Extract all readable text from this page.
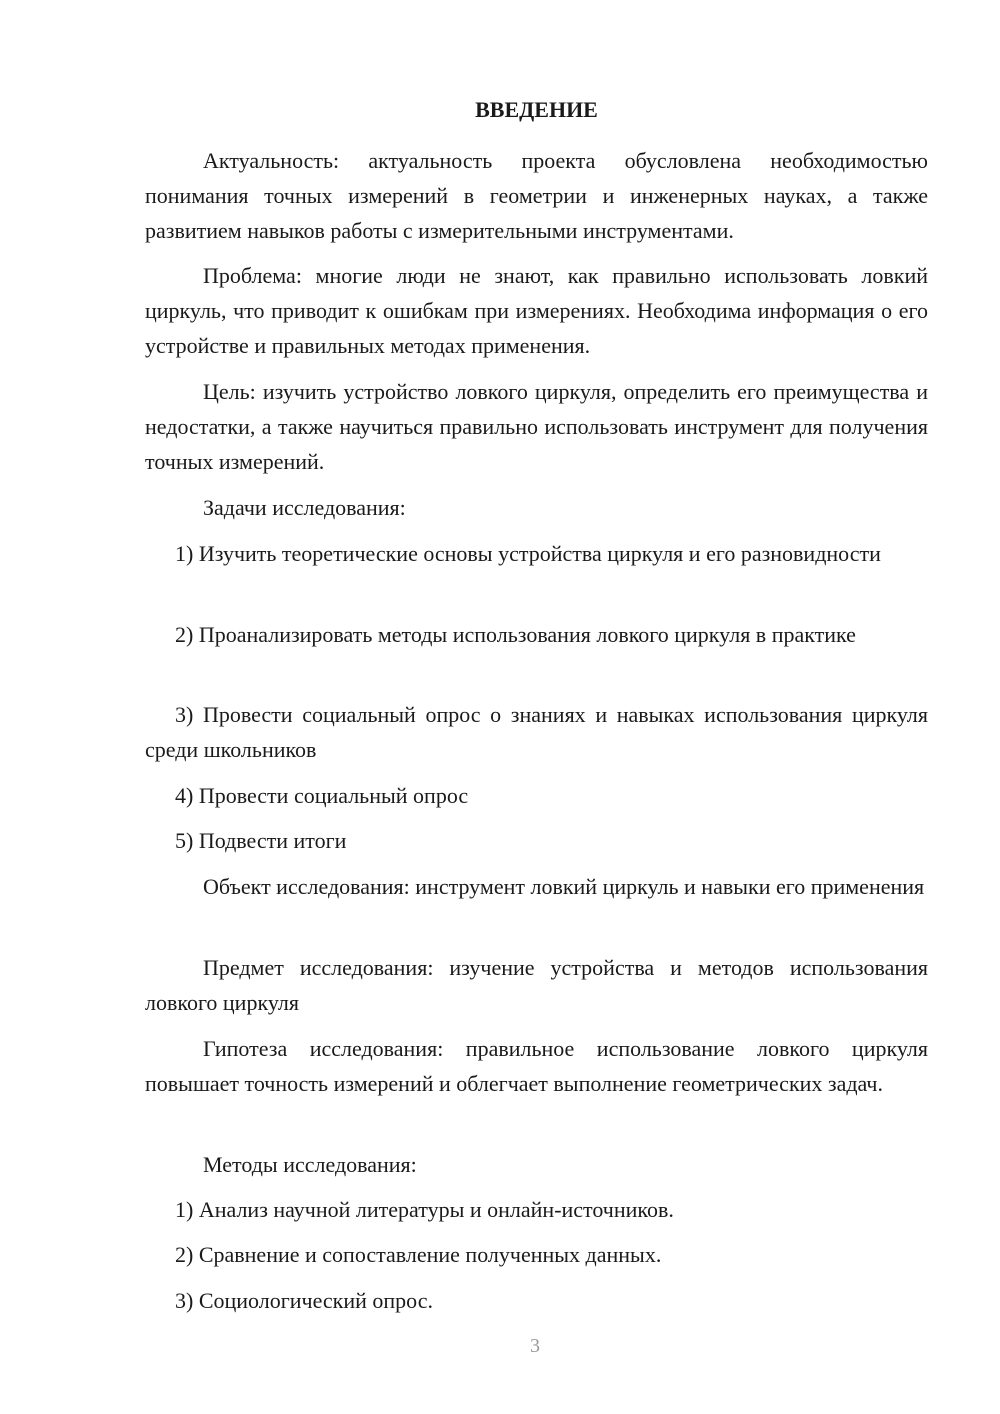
ВВЕДЕНИЕ

Актуальность: актуальность проекта обусловлена необходимостью понимания точных измерений в геометрии и инженерных науках, а также развитием навыков работы с измерительными инструментами.

Проблема: многие люди не знают, как правильно использовать ловкий циркуль, что приводит к ошибкам при измерениях. Необходима информация о его устройстве и правильных методах применения.

Цель: изучить устройство ловкого циркуля, определить его преимущества и недостатки, а также научиться правильно использовать инструмент для получения точных измерений.

Задачи исследования:

1) Изучить теоретические основы устройства циркуля и его разновидности

2) Проанализировать методы использования ловкого циркуля в практике

3) Провести социальный опрос о знаниях и навыках использования циркуля среди школьников

4) Провести социальный опрос

5) Подвести итоги

Объект исследования: инструмент ловкий циркуль и навыки его применения

Предмет исследования: изучение устройства и методов использования ловкого циркуля

Гипотеза исследования: правильное использование ловкого циркуля повышает точность измерений и облегчает выполнение геометрических задач.

Методы исследования:

1) Анализ научной литературы и онлайн-источников.

2) Сравнение и сопоставление полученных данных.

3) Социологический опрос.

3
